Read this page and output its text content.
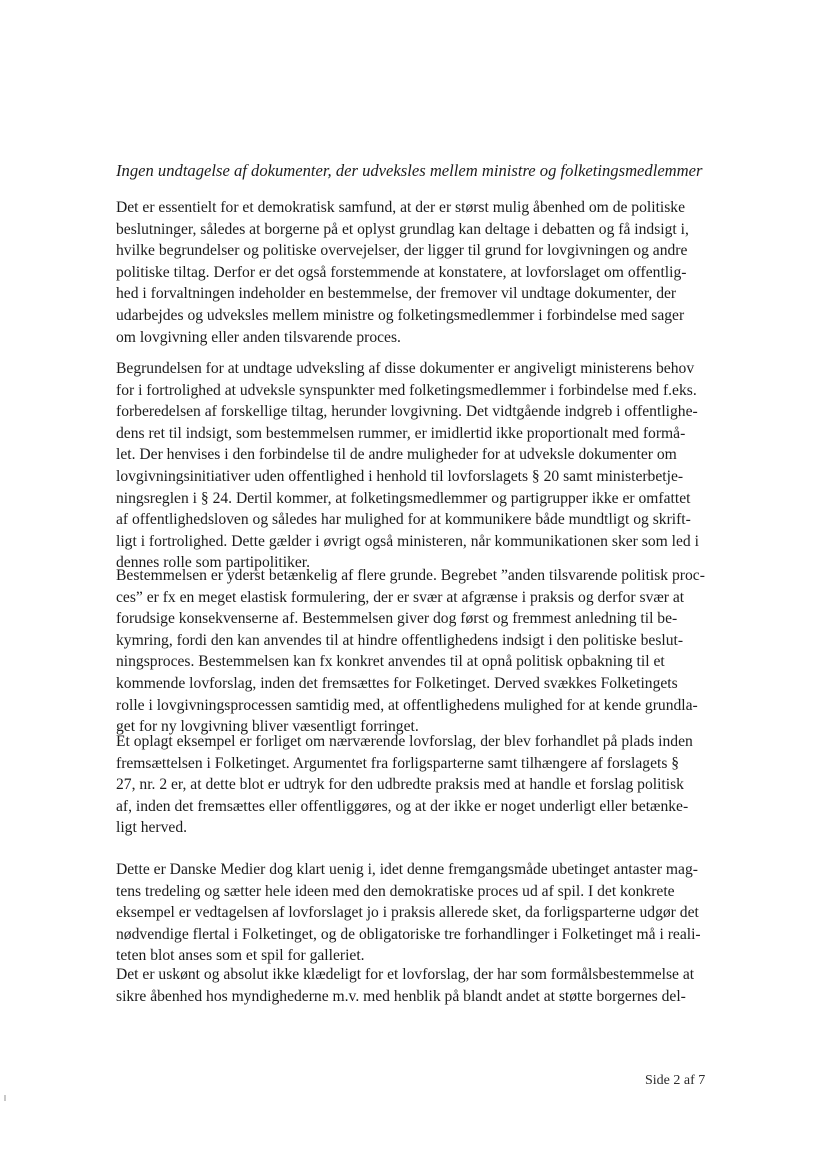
Ingen undtagelse af dokumenter, der udveksles mellem ministre og folketingsmedlemmer
Det er essentielt for et demokratisk samfund, at der er størst mulig åbenhed om de politiske
beslutninger, således at borgerne på et oplyst grundlag kan deltage i debatten og få indsigt i,
hvilke begrundelser og politiske overvejelser, der ligger til grund for lovgivningen og andre
politiske tiltag. Derfor er det også forstemmende at konstatere, at lovforslaget om offentlig-
hed i forvaltningen indeholder en bestemmelse, der fremover vil undtage dokumenter, der
udarbejdes og udveksles mellem ministre og folketingsmedlemmer i forbindelse med sager
om lovgivning eller anden tilsvarende proces.
Begrundelsen for at undtage udveksling af disse dokumenter er angiveligt ministerens behov
for i fortrolighed at udveksle synspunkter med folketingsmedlemmer i forbindelse med f.eks.
forberedelsen af forskellige tiltag, herunder lovgivning. Det vidtgående indgreb i offentlighe-
dens ret til indsigt, som bestemmelsen rummer, er imidlertid ikke proportionalt med formå-
let. Der henvises i den forbindelse til de andre muligheder for at udveksle dokumenter om
lovgivningsinitiativer uden offentlighed i henhold til lovforslagets § 20 samt ministerbetje-
ningsreglen i § 24. Dertil kommer, at folketingsmedlemmer og partigrupper ikke er omfattet
af offentlighedsloven og således har mulighed for at kommunikere både mundtligt og skrift-
ligt i fortrolighed. Dette gælder i øvrigt også ministeren, når kommunikationen sker som led i
dennes rolle som partipolitiker.
Bestemmelsen er yderst betænkelig af flere grunde. Begrebet ”anden tilsvarende politisk proc-
ces” er fx en meget elastisk formulering, der er svær at afgrænse i praksis og derfor svær at
forudsige konsekvenserne af. Bestemmelsen giver dog først og fremmest anledning til be-
kymring, fordi den kan anvendes til at hindre offentlighedens indsigt i den politiske beslut-
ningsproces. Bestemmelsen kan fx konkret anvendes til at opnå politisk opbakning til et
kommende lovforslag, inden det fremsættes for Folketinget. Derved svækkes Folketingets
rolle i lovgivningsprocessen samtidig med, at offentlighedens mulighed for at kende grundla-
get for ny lovgivning bliver væsentligt forringet.
Et oplagt eksempel er forliget om nærværende lovforslag, der blev forhandlet på plads inden
fremsættelsen i Folketinget. Argumentet fra forligsparterne samt tilhængere af forslagets §
27, nr. 2 er, at dette blot er udtryk for den udbredte praksis med at handle et forslag politisk
af, inden det fremsættes eller offentliggøres, og at der ikke er noget underligt eller betænke-
ligt herved.
Dette er Danske Medier dog klart uenig i, idet denne fremgangsmåde ubetinget antaster mag-
tens tredeling og sætter hele ideen med den demokratiske proces ud af spil. I det konkrete
eksempel er vedtagelsen af lovforslaget jo i praksis allerede sket, da forligsparterne udgør det
nødvendige flertal i Folketinget, og de obligatoriske tre forhandlinger i Folketinget må i reali-
teten blot anses som et spil for galleriet.
Det er uskønt og absolut ikke klædeligt for et lovforslag, der har som formålsbestemmelse at
sikre åbenhed hos myndighederne m.v. med henblik på blandt andet at støtte borgernes del-

Side 2 af 7
